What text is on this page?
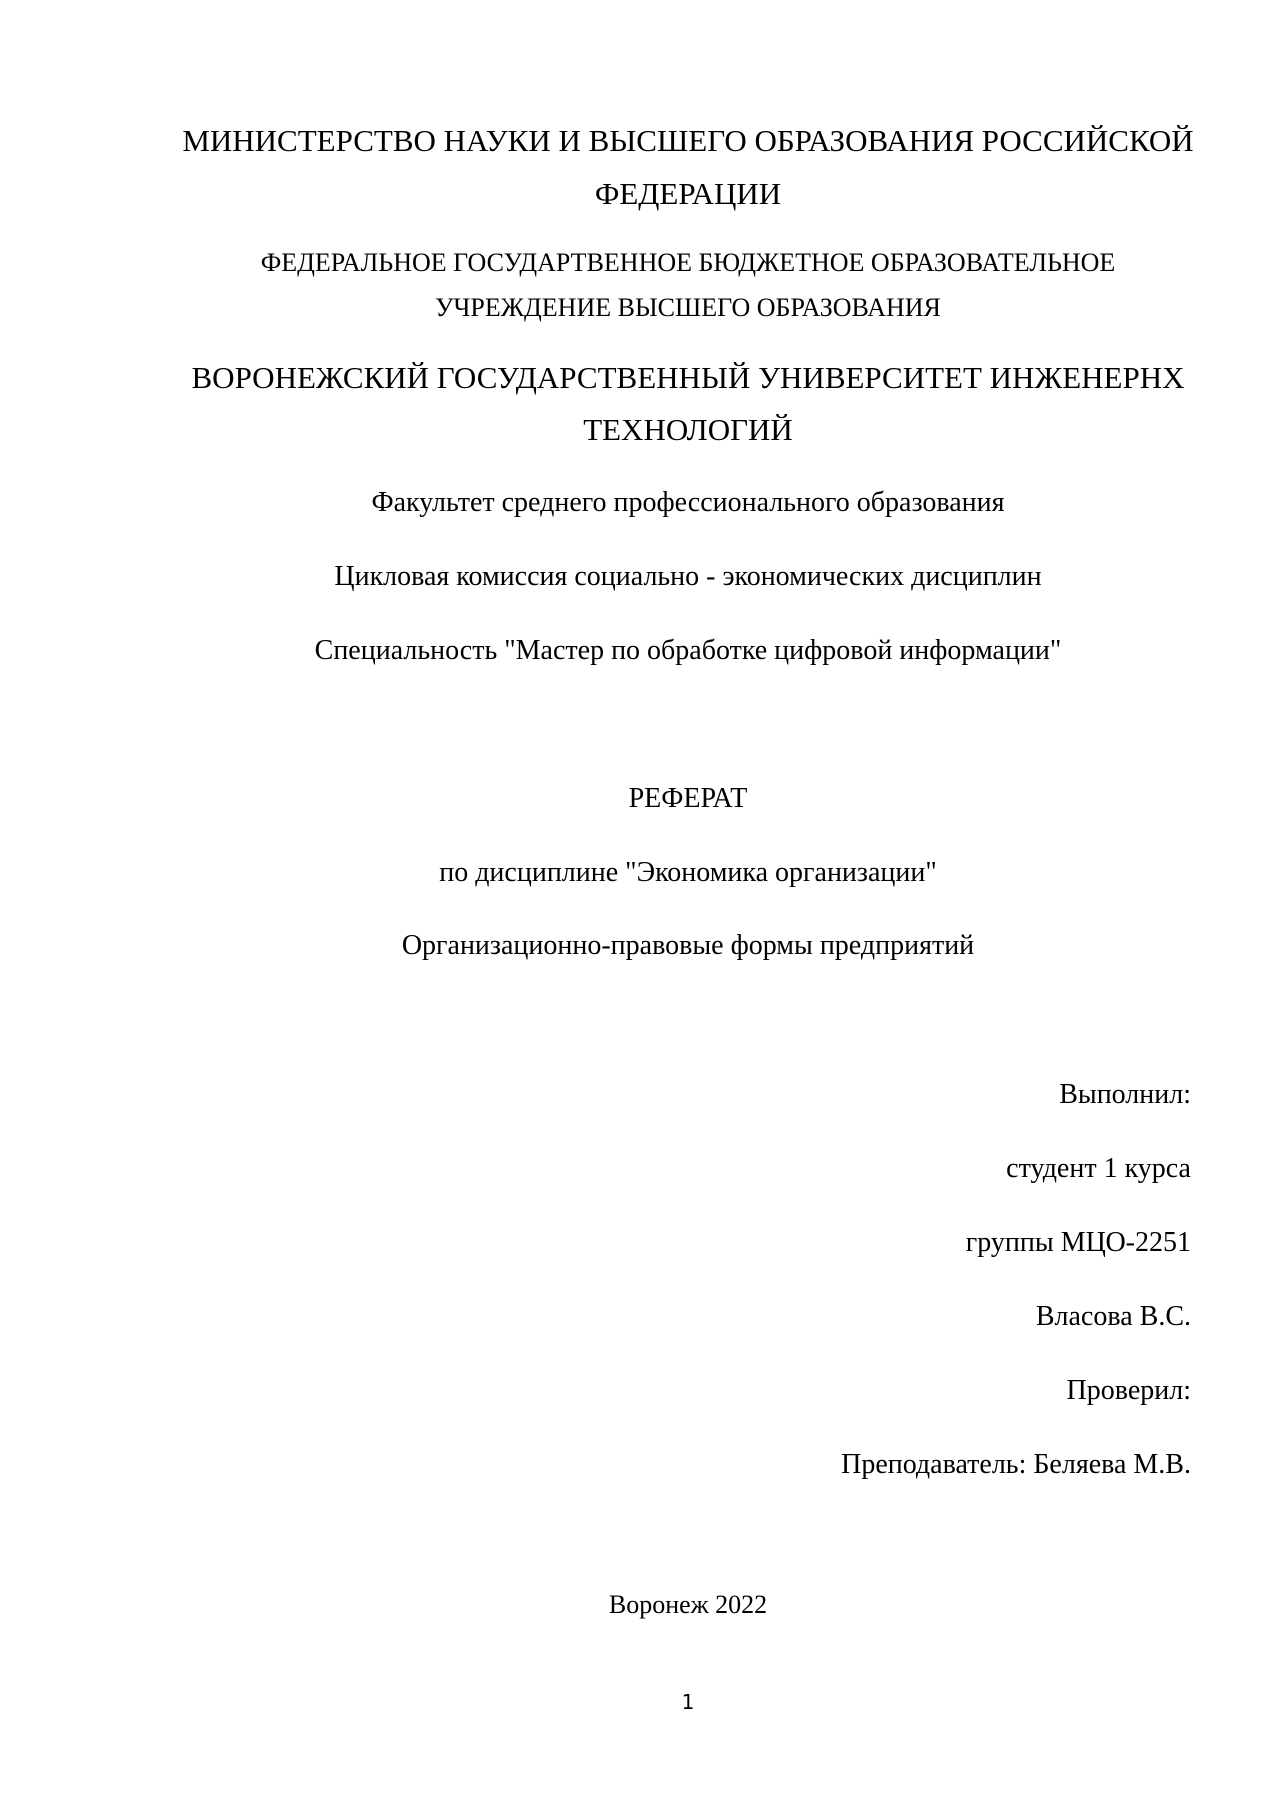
МИНИСТЕРСТВО НАУКИ И ВЫСШЕГО ОБРАЗОВАНИЯ РОССИЙСКОЙ
ФЕДЕРАЦИИ
ФЕДЕРАЛЬНОЕ ГОСУДАРТВЕННОЕ БЮДЖЕТНОЕ ОБРАЗОВАТЕЛЬНОЕ
УЧРЕЖДЕНИЕ ВЫСШЕГО ОБРАЗОВАНИЯ
ВОРОНЕЖСКИЙ ГОСУДАРСТВЕННЫЙ УНИВЕРСИТЕТ ИНЖЕНЕРНХ
ТЕХНОЛОГИЙ
Факультет среднего профессионального образования
Цикловая комиссия социально - экономических дисциплин
Специальность "Мастер по обработке цифровой информации"
РЕФЕРАТ
по дисциплине "Экономика организации"
Организационно-правовые формы предприятий
Выполнил:
студент 1 курса
группы МЦО-2251
Власова В.С.
Проверил:
Преподаватель: Беляева М.В.
Воронеж 2022
1
